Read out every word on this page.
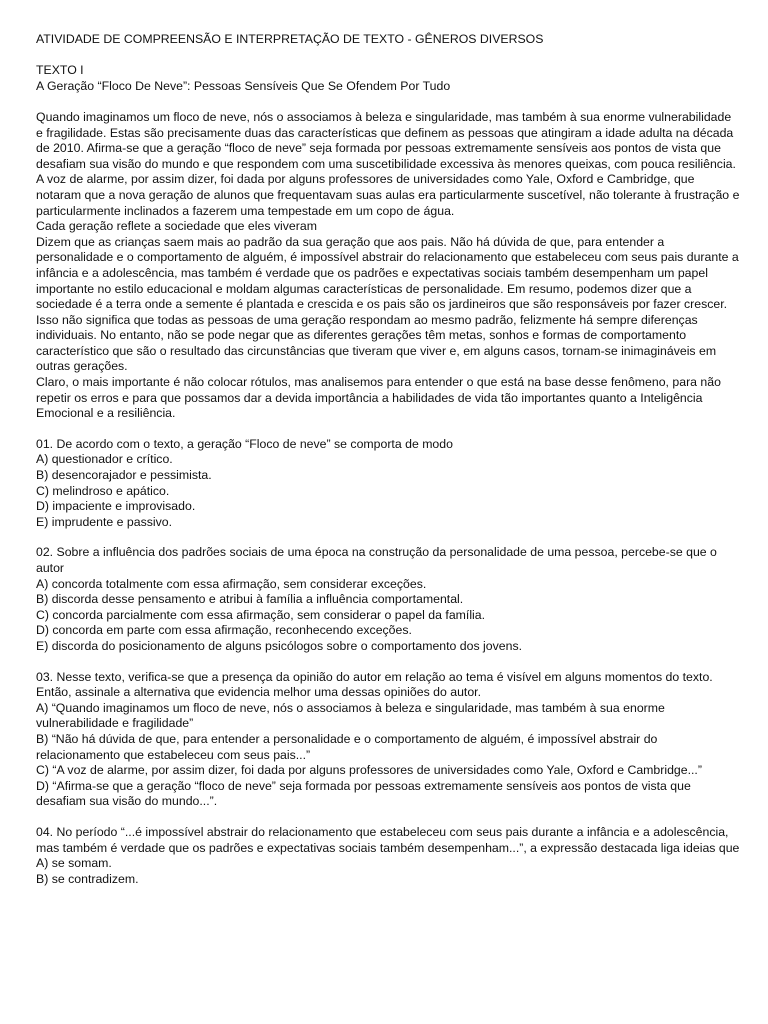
ATIVIDADE DE COMPREENSÃO E INTERPRETAÇÃO DE TEXTO - GÊNEROS DIVERSOS

TEXTO I

A Geração “Floco De Neve”: Pessoas Sensíveis Que Se Ofendem Por Tudo

Quando imaginamos um floco de neve, nós o associamos à beleza e singularidade, mas também à sua enorme vulnerabilidade e fragilidade. Estas são precisamente duas das características que definem as pessoas que atingiram a idade adulta na década de 2010. Afirma-se que a geração “floco de neve” seja formada por pessoas extremamente sensíveis aos pontos de vista que desafiam sua visão do mundo e que respondem com uma suscetibilidade excessiva às menores queixas, com pouca resiliência.

A voz de alarme, por assim dizer, foi dada por alguns professores de universidades como Yale, Oxford e Cambridge, que notaram que a nova geração de alunos que frequentavam suas aulas era particularmente suscetível, não tolerante à frustração e particularmente inclinados a fazerem uma tempestade em um copo de água.

Cada geração reflete a sociedade que eles viveram

Dizem que as crianças saem mais ao padrão da sua geração que aos pais. Não há dúvida de que, para entender a personalidade e o comportamento de alguém, é impossível abstrair do relacionamento que estabeleceu com seus pais durante a infância e a adolescência, mas também é verdade que os padrões e expectativas sociais também desempenham um papel importante no estilo educacional e moldam algumas características de personalidade. Em resumo, podemos dizer que a sociedade é a terra onde a semente é plantada e crescida e os pais são os jardineiros que são responsáveis por fazer crescer.

Isso não significa que todas as pessoas de uma geração respondam ao mesmo padrão, felizmente há sempre diferenças individuais. No entanto, não se pode negar que as diferentes gerações têm metas, sonhos e formas de comportamento característico que são o resultado das circunstâncias que tiveram que viver e, em alguns casos, tornam-se inimagináveis em outras gerações.

Claro, o mais importante é não colocar rótulos, mas analisemos para entender o que está na base desse fenômeno, para não repetir os erros e para que possamos dar a devida importância a habilidades de vida tão importantes quanto a Inteligência Emocional e a resiliência.

01. De acordo com o texto, a geração “Floco de neve” se comporta de modo

A) questionador e crítico.

B) desencorajador e pessimista.

C) melindroso e apático.

D) impaciente e improvisado.

E) imprudente e passivo.

02. Sobre a influência dos padrões sociais de uma época na construção da personalidade de uma pessoa, percebe-se que o autor

A) concorda totalmente com essa afirmação, sem considerar exceções.

B) discorda desse pensamento e atribui à família a influência comportamental.

C) concorda parcialmente com essa afirmação, sem considerar o papel da família.

D) concorda em parte com essa afirmação, reconhecendo exceções.

E) discorda do posicionamento de alguns psicólogos sobre o comportamento dos jovens.

03. Nesse texto, verifica-se que a presença da opinião do autor em relação ao tema é visível em alguns momentos do texto. Então, assinale a alternativa que evidencia melhor uma dessas opiniões do autor.

A) “Quando imaginamos um floco de neve, nós o associamos à beleza e singularidade, mas também à sua enorme vulnerabilidade e fragilidade”

B) “Não há dúvida de que, para entender a personalidade e o comportamento de alguém, é impossível abstrair do relacionamento que estabeleceu com seus pais...”

C) “A voz de alarme, por assim dizer, foi dada por alguns professores de universidades como Yale, Oxford e Cambridge...”

D) “Afirma-se que a geração “floco de neve” seja formada por pessoas extremamente sensíveis aos pontos de vista que desafiam sua visão do mundo...”.

04. No período “...é impossível abstrair do relacionamento que estabeleceu com seus pais durante a infância e a adolescência, mas também é verdade que os padrões e expectativas sociais também desempenham...”, a expressão destacada liga ideias que

A) se somam.

B) se contradizem.
